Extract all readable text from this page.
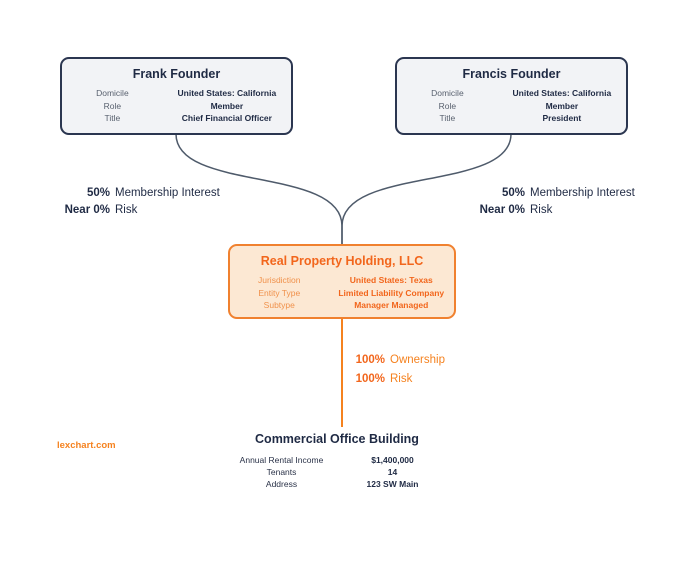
Frank Founder
Domicile	United States: California
Role	Member
Title	Chief Financial Officer
Francis Founder
Domicile	United States: California
Role	Member
Title	President
50% Membership Interest
Near 0% Risk
50% Membership Interest
Near 0% Risk
Real Property Holding, LLC
Jurisdiction	United States: Texas
Entity Type	Limited Liability Company
Subtype	Manager Managed
100% Ownership
100% Risk
Commercial Office Building
Annual Rental Income	$1,400,000
Tenants	14
Address	123 SW Main
lexchart.com
